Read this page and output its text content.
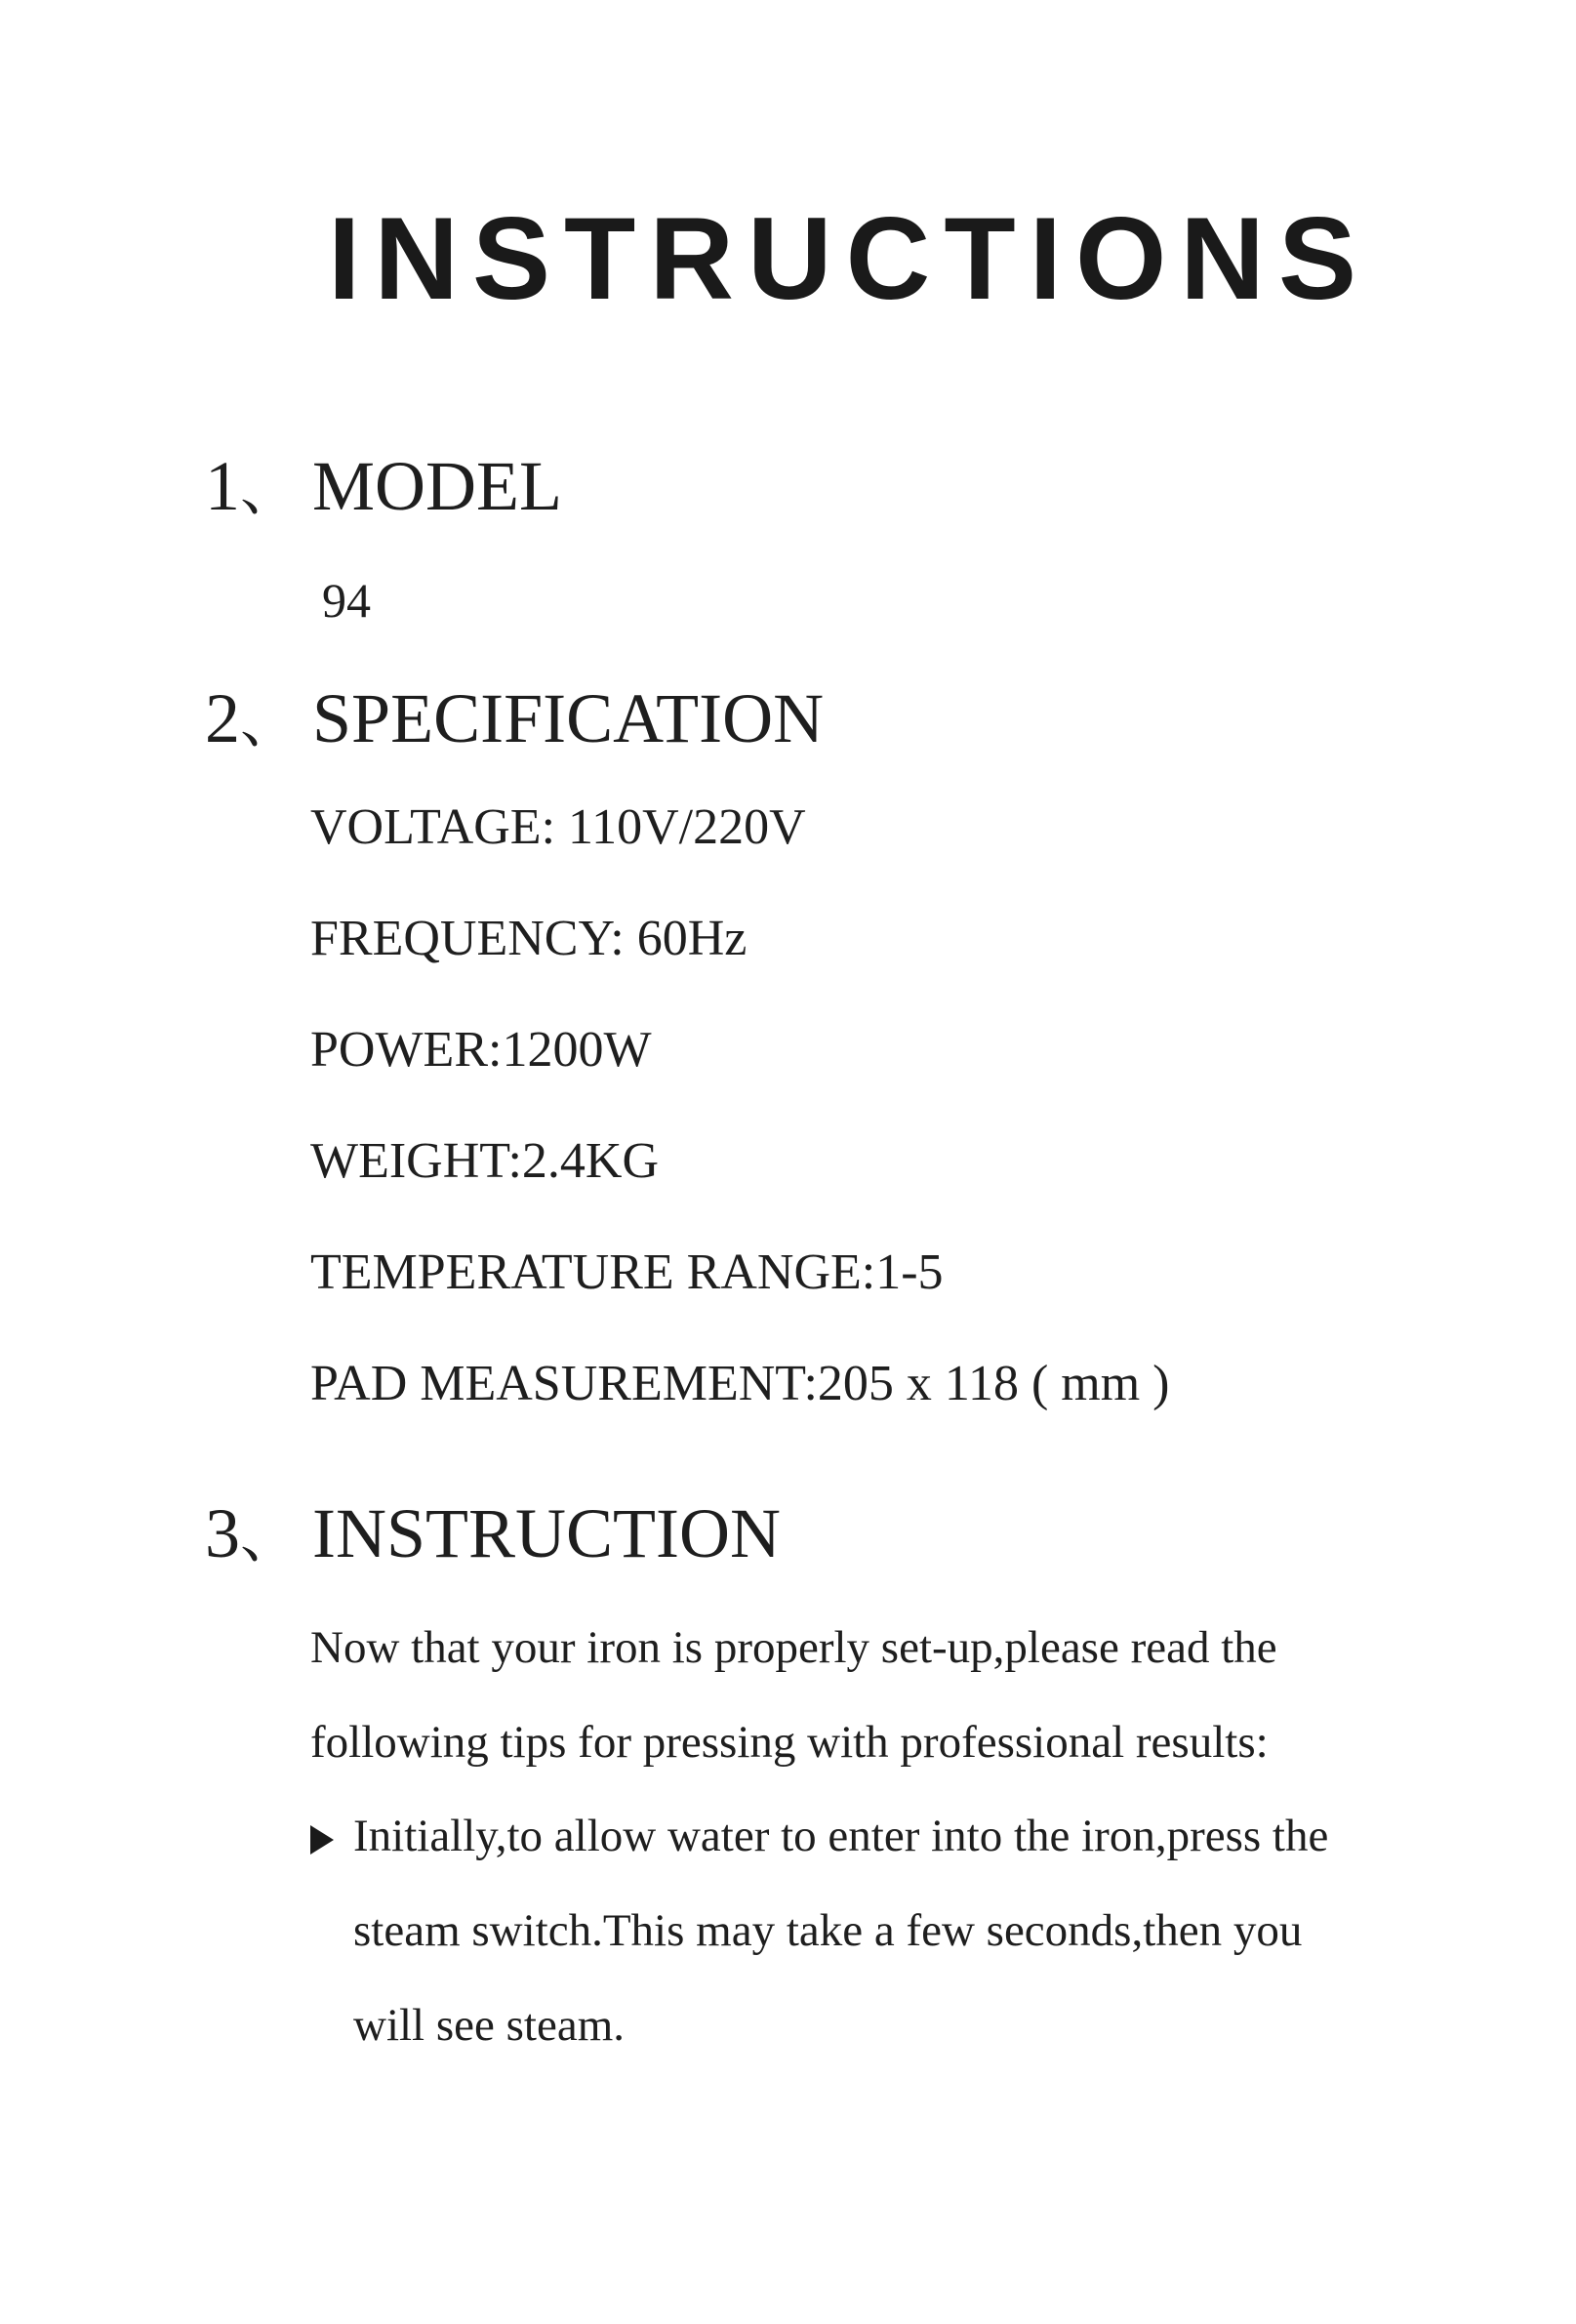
INSTRUCTIONS
1、 MODEL
94
2、 SPECIFICATION
VOLTAGE: 110V/220V
FREQUENCY: 60Hz
POWER:1200W
WEIGHT:2.4KG
TEMPERATURE RANGE:1-5
PAD MEASUREMENT:205 x 118 ( mm )
3、 INSTRUCTION
Now that your iron is properly set-up,please read the
following tips for pressing with professional results:
Initially,to allow water to enter into the iron,press the
steam switch.This may take a few seconds,then you
will see steam.
